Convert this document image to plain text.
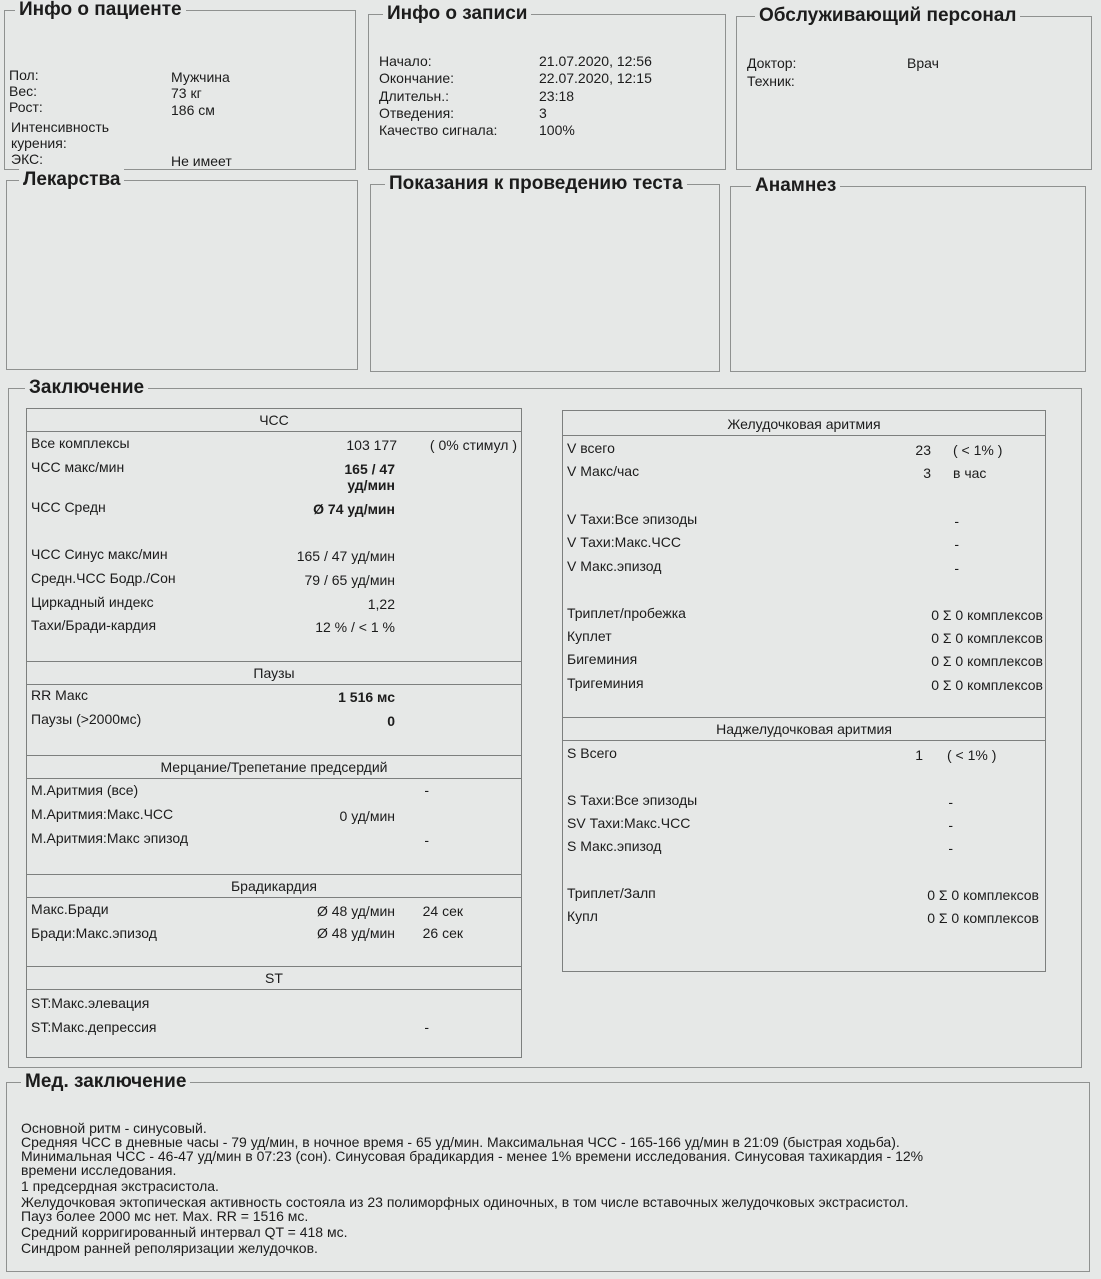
Инфо о пациенте
Пол:	Мужчина
Вес:	73 кг
Рост:	186 см
Интенсивность курения:
ЭКС:	Не имеет
Инфо о записи
Начало:	21.07.2020, 12:56
Окончание:	22.07.2020, 12:15
Длительн.:	23:18
Отведения:	3
Качество сигнала:	100%
Обслуживающий персонал
Доктор:	Врач
Техник:
Лекарства	Показания к проведению теста	Анамнез
Заключение
ЧСС
Все комплексы	103 177 ( 0% стимул )
ЧСС макс/мин	165 / 47
уд/мин
ЧСС Средн	Ø 74 уд/мин
ЧСС Синус макс/мин	165 / 47 уд/мин
Средн.ЧСС Бодр./Сон	79 / 65 уд/мин
Циркадный индекс	1,22
Тахи/Бради-кардия	12 % / < 1 %
Паузы
RR Макс	1 516 мс
Паузы (>2000мс)	0
Мерцание/Трепетание предсердий
М.Аритмия (все)	-
М.Аритмия:Макс.ЧСС	0 уд/мин
М.Аритмия:Макс эпизод	-
Брадикардия
Макс.Бради	Ø 48 уд/мин 24 сек
Бради:Макс.эпизод	Ø 48 уд/мин 26 сек
ST
ST:Макс.элевация
ST:Макс.депрессия	-
Желудочковая аритмия
V всего	23 ( < 1% )
V Макс/час	3 в час
V Тахи:Все эпизоды	-
V Тахи:Макс.ЧСС	-
V Макс.эпизод	-
Триплет/пробежка	0 Σ 0 комплексов
Куплет	0 Σ 0 комплексов
Бигеминия	0 Σ 0 комплексов
Тригеминия	0 Σ 0 комплексов
Наджелудочковая аритмия
S Всего	1 ( < 1% )
S Тахи:Все эпизоды	-
SV Тахи:Макс.ЧСС	-
S Макс.эпизод	-
Триплет/Залп	0 Σ 0 комплексов
Купл	0 Σ 0 комплексов
Мед. заключение
Основной ритм - синусовый.
Средняя ЧСС в дневные часы - 79 уд/мин, в ночное время - 65 уд/мин. Максимальная ЧСС - 165-166 уд/мин в 21:09 (быстрая ходьба).
Минимальная ЧСС - 46-47 уд/мин в 07:23 (сон). Синусовая брадикардия - менее 1% времени исследования. Синусовая тахикардия - 12%
времени исследования.
1 предсердная экстрасистола.
Желудочковая эктопическая активность состояла из 23 полиморфных одиночных, в том числе вставочных желудочковых экстрасистол.
Пауз более 2000 мс нет. Max. RR = 1516 мс.
Средний корригированный интервал QT = 418 мс.
Синдром ранней реполяризации желудочков.
